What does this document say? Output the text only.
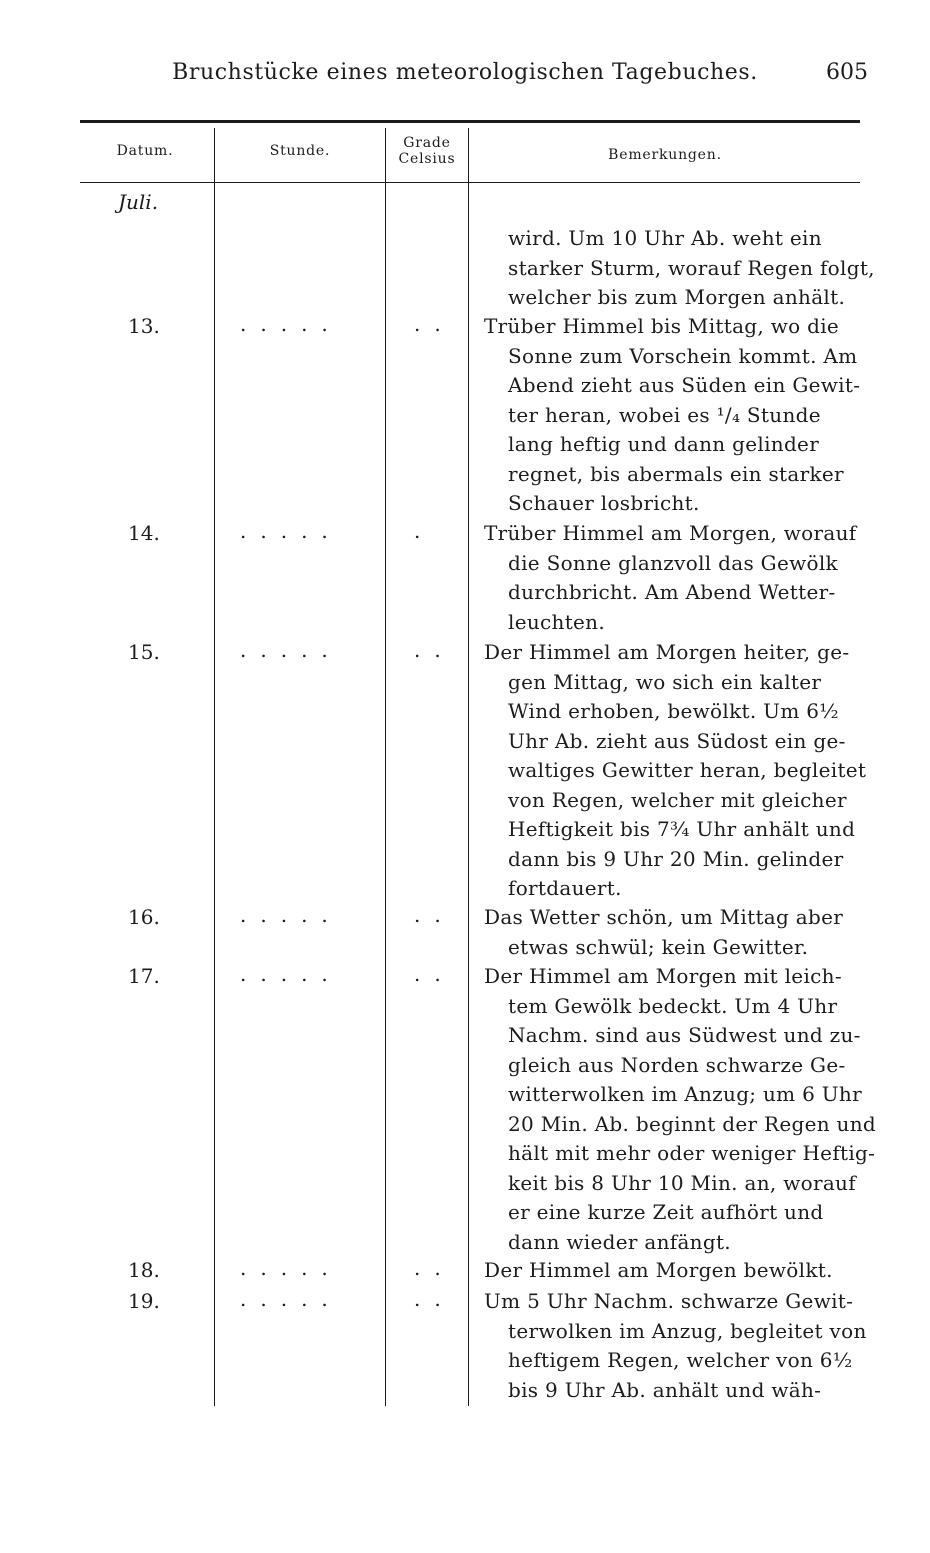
Bruchstücke eines meteorologischen Tagebuches.	605
Datum.	Stunde.	Grade
Celsius	Bemerkungen.
Juli.
wird. Um 10 Uhr Ab. weht ein
starker Sturm, worauf Regen folgt,
welcher bis zum Morgen anhält.
13.	.....	.. Trüber Himmel bis Mittag, wo die
Sonne zum Vorschein kommt. Am
Abend zieht aus Süden ein Gewit-
ter heran, wobei es ¹/₄ Stunde
lang heftig und dann gelinder
regnet, bis abermals ein starker
Schauer losbricht.
14.	.....	. Trüber Himmel am Morgen, worauf
die Sonne glanzvoll das Gewölk
durchbricht. Am Abend Wetter-
leuchten.
15.	.....	.. Der Himmel am Morgen heiter, ge-
gen Mittag, wo sich ein kalter
Wind erhoben, bewölkt. Um 6½
Uhr Ab. zieht aus Südost ein ge-
waltiges Gewitter heran, begleitet
von Regen, welcher mit gleicher
Heftigkeit bis 7¾ Uhr anhält und
dann bis 9 Uhr 20 Min. gelinder
fortdauert.
16.	.....	.. Das Wetter schön, um Mittag aber
etwas schwül; kein Gewitter.
17.	.....	.. Der Himmel am Morgen mit leich-
tem Gewölk bedeckt. Um 4 Uhr
Nachm. sind aus Südwest und zu-
gleich aus Norden schwarze Ge-
witterwolken im Anzug; um 6 Uhr
20 Min. Ab. beginnt der Regen und
hält mit mehr oder weniger Heftig-
keit bis 8 Uhr 10 Min. an, worauf
er eine kurze Zeit aufhört und
dann wieder anfängt.
18.	.....	.. Der Himmel am Morgen bewölkt.
19.	.....	.. Um 5 Uhr Nachm. schwarze Gewit-
terwolken im Anzug, begleitet von
heftigem Regen, welcher von 6½
bis 9 Uhr Ab. anhält und wäh-
